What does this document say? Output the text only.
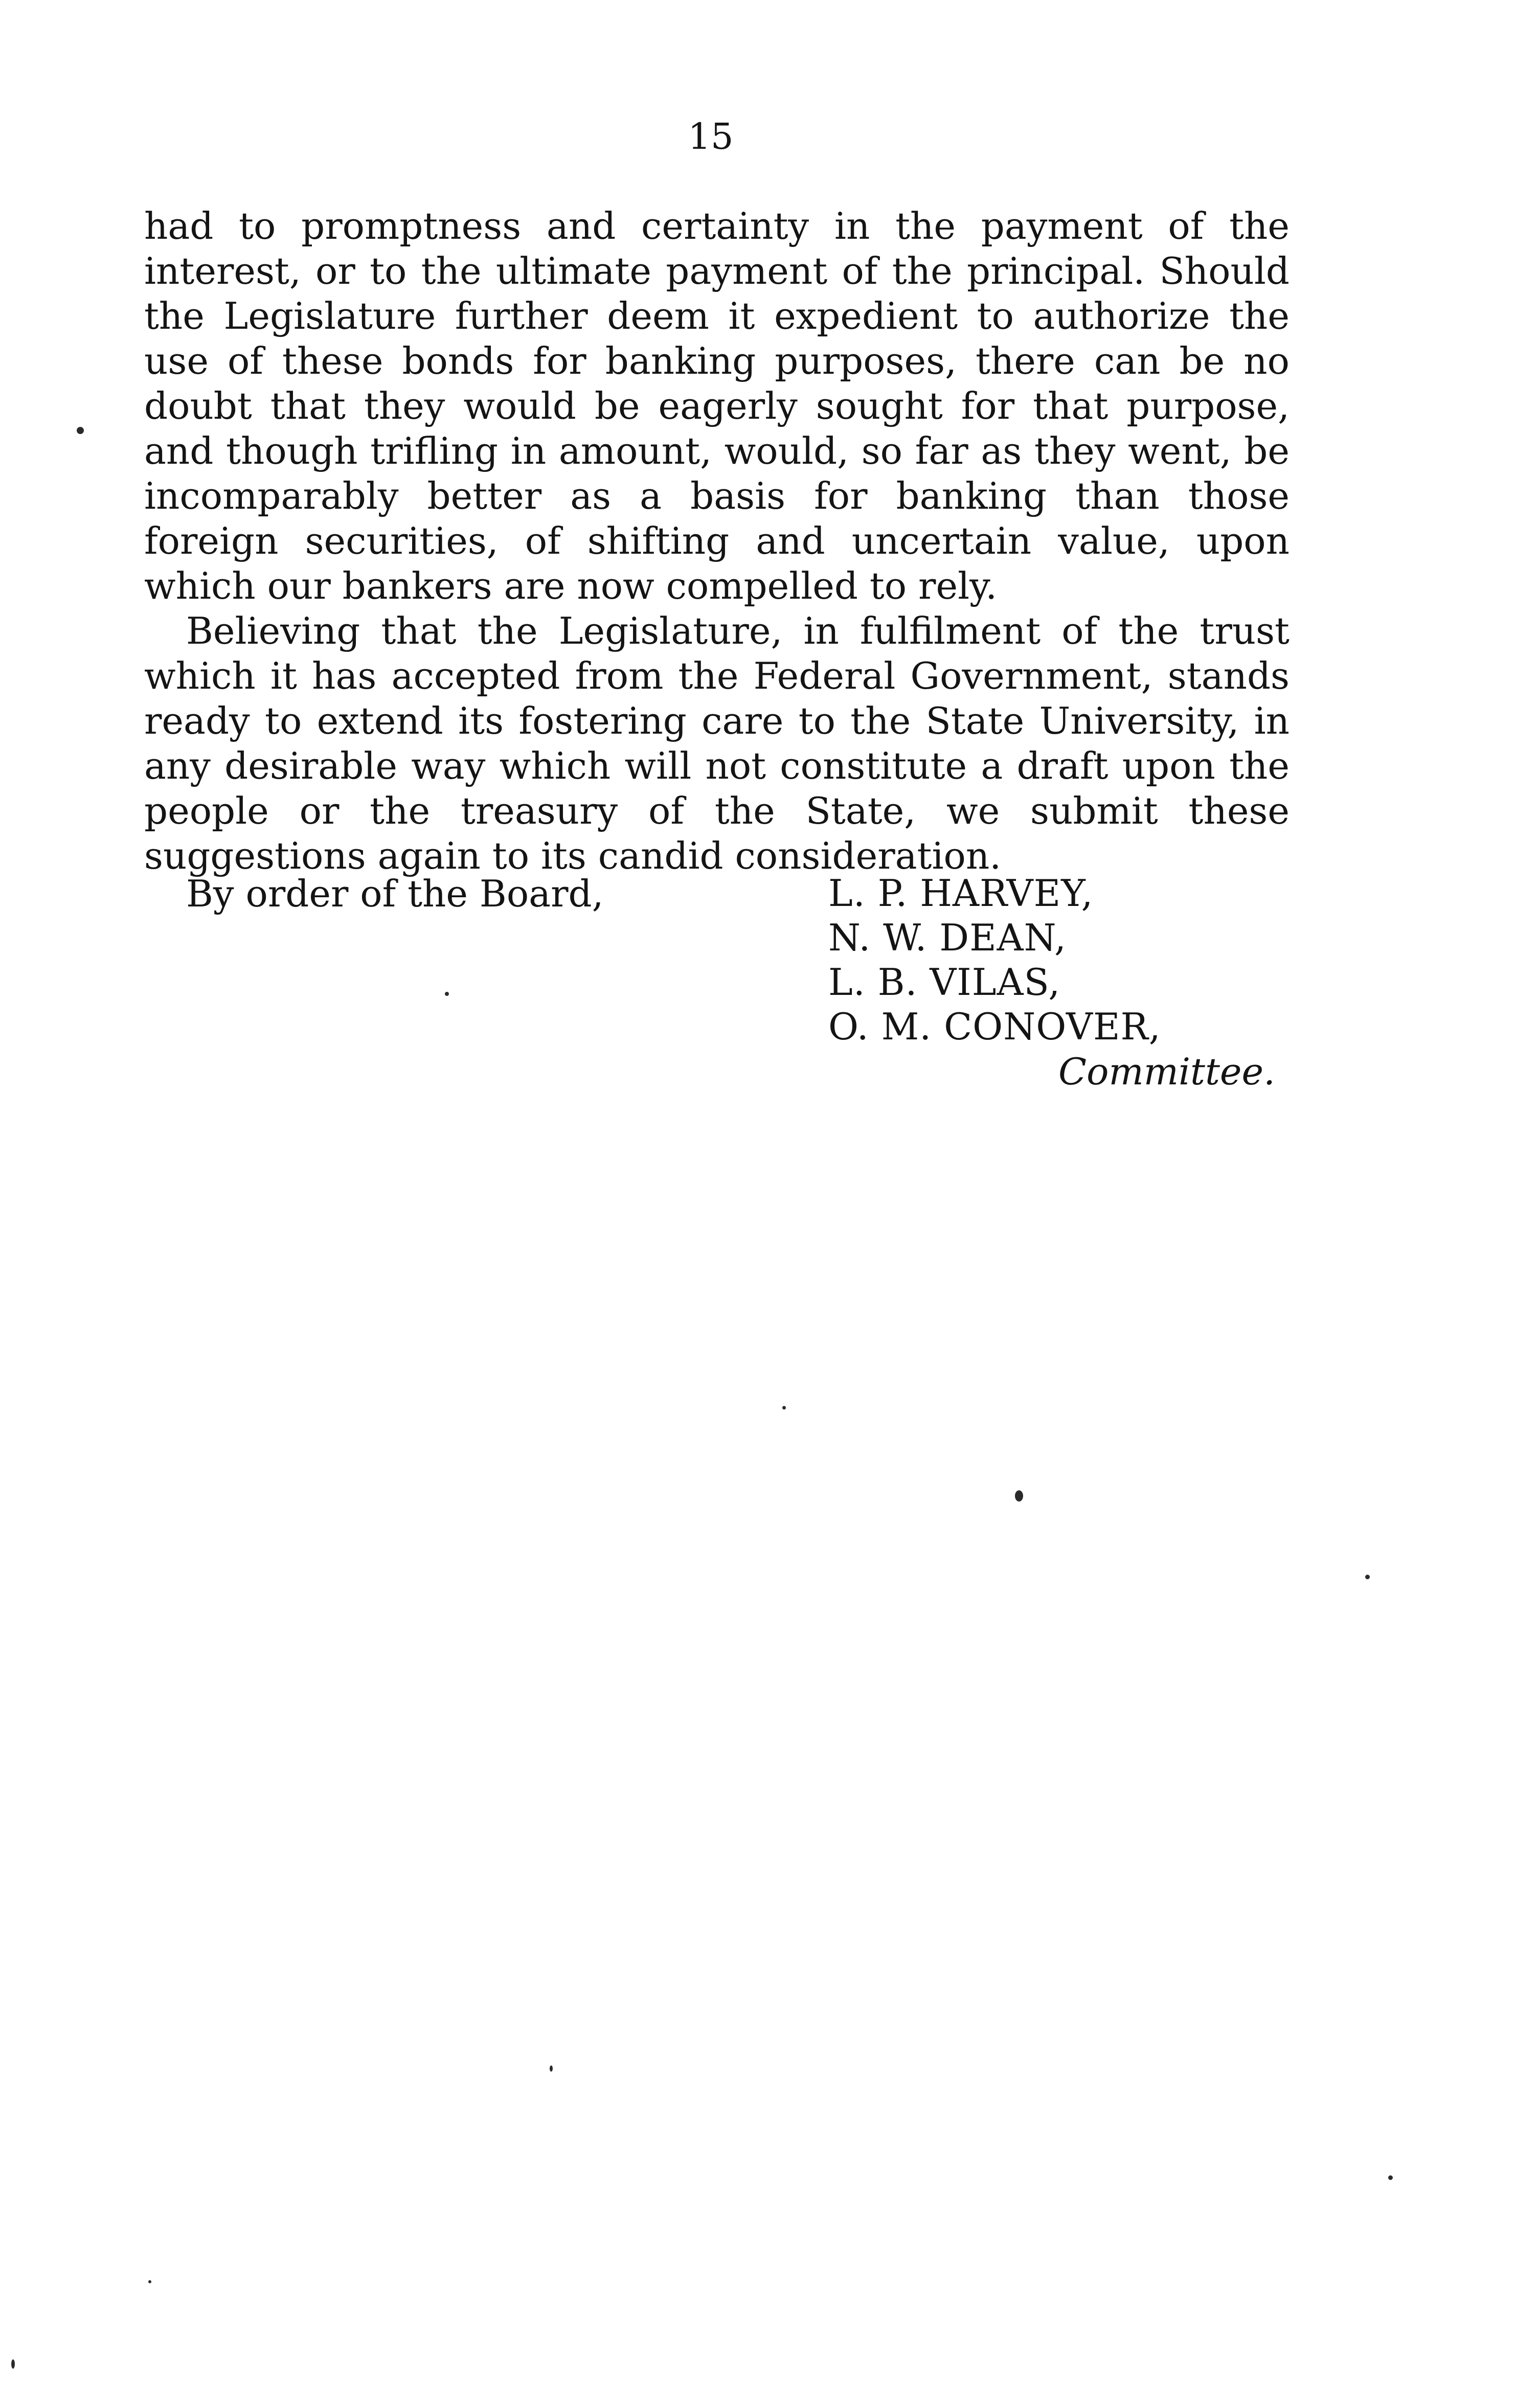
15

had to promptness and certainty in the payment of the interest, or to the ultimate payment of the principal. Should the Legislature further deem it expedient to authorize the use of these bonds for banking purposes, there can be no doubt that they would be eagerly sought for that purpose, and though trifling in amount, would, so far as they went, be incomparably better as a basis for banking than those foreign securities, of shifting and uncertain value, upon which our bankers are now compelled to rely.

Believing that the Legislature, in fulfilment of the trust which it has accepted from the Federal Government, stands ready to extend its fostering care to the State University, in any desirable way which will not constitute a draft upon the people or the treasury of the State, we submit these suggestions again to its candid consideration.

By order of the Board,	L. P. HARVEY,
N. W. DEAN,
L. B. VILAS,
O. M. CONOVER,
Committee.
